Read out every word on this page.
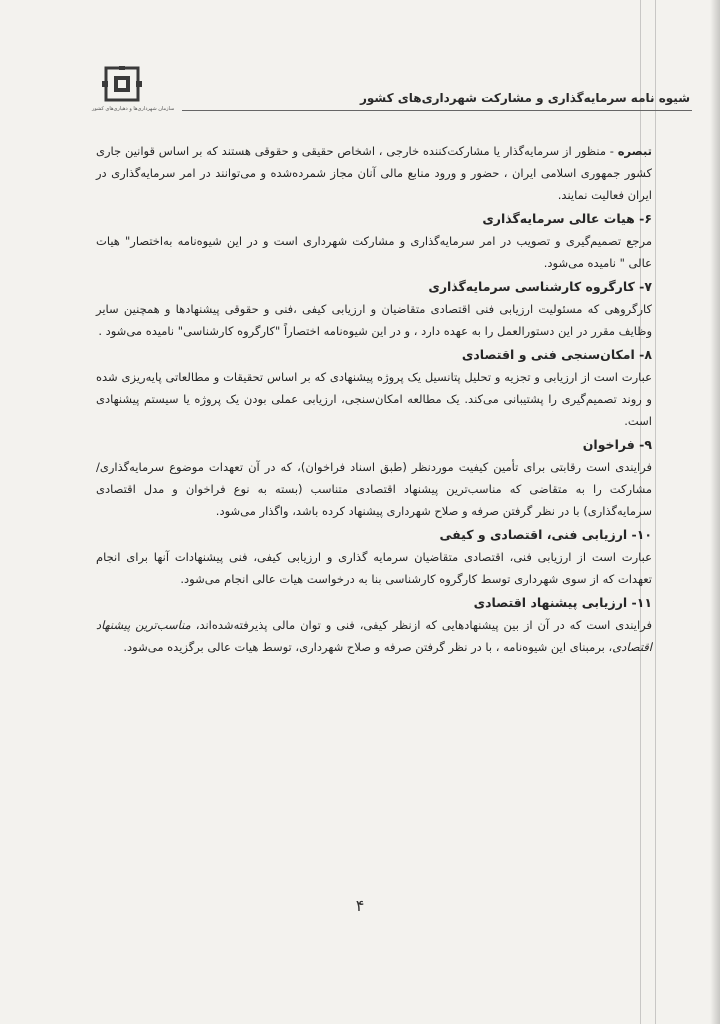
سازمان شهرداری‌ها و دهیاری‌های کشور
شیوه نامه سرمایه‌گذاری و مشارکت شهرداری‌های کشور

تبصره - منظور از سرمایه‌گذار یا مشارکت‌کننده خارجی ، اشخاص حقیقی و حقوقی هستند که بر اساس قوانین جاری کشور جمهوری اسلامی ایران ، حضور و ورود منابع مالی آنان مجاز شمرده‌شده و می‌توانند در امر سرمایه‌گذاری در ایران فعالیت نمایند.

۶- هیات عالی سرمایه‌گذاری

مرجع تصمیم‌گیری و تصویب در امر سرمایه‌گذاری و مشارکت شهرداری است و در این شیوه‌نامه به‌اختصار" هیات عالی " نامیده می‌شود.

۷- کارگروه کارشناسی سرمایه‌گذاری

کارگروهی که مسئولیت ارزیابی فنی اقتصادی متقاضیان و ارزیابی کیفی ،فنی و حقوقی پیشنهادها و همچنین سایر وظایف مقرر در این دستورالعمل را به عهده دارد ، و در این شیوه‌نامه اختصاراً "کارگروه کارشناسی" نامیده می‌شود .

۸- امکان‌سنجی فنی و اقتصادی

عبارت است از ارزیابی و تجزیه و تحلیل پتانسیل یک پروژه پیشنهادی که بر اساس تحقیقات و مطالعاتی پایه‌ریزی شده و روند تصمیم‌گیری را پشتیبانی می‌کند. یک مطالعه امکان‌سنجی، ارزیابی عملی بودن یک پروژه یا سیستم پیشنهادی است.

۹- فراخوان

فرایندی است رقابتی برای تأمین کیفیت موردنظر (طبق اسناد فراخوان)، که در آن تعهدات موضوع سرمایه‌گذاری/مشارکت را به متقاضی که مناسب‌ترین پیشنهاد اقتصادی متناسب (بسته به نوع فراخوان و مدل اقتصادی سرمایه‌گذاری) با در نظر گرفتن صرفه و صلاح شهرداری پیشنهاد کرده باشد، واگذار می‌شود.

۱۰- ارزیابی فنی، اقتصادی و کیفی

عبارت است از ارزیابی فنی، اقتصادی متقاضیان سرمایه گذاری و ارزیابی کیفی، فنی پیشنهادات آنها برای انجام تعهدات که از سوی شهرداری توسط کارگروه کارشناسی بنا به درخواست هیات عالی انجام می‌شود.

۱۱- ارزیابی پیشنهاد اقتصادی

فرایندی است که در آن از بین پیشنهادهایی که ازنظر کیفی، فنی و توان مالی پذیرفته‌شده‌اند، مناسب‌ترین پیشنهاد اقتصادی، برمبنای این شیوه‌نامه ، با در نظر گرفتن صرفه و صلاح شهرداری، توسط هیات عالی برگزیده می‌شود.

۴
